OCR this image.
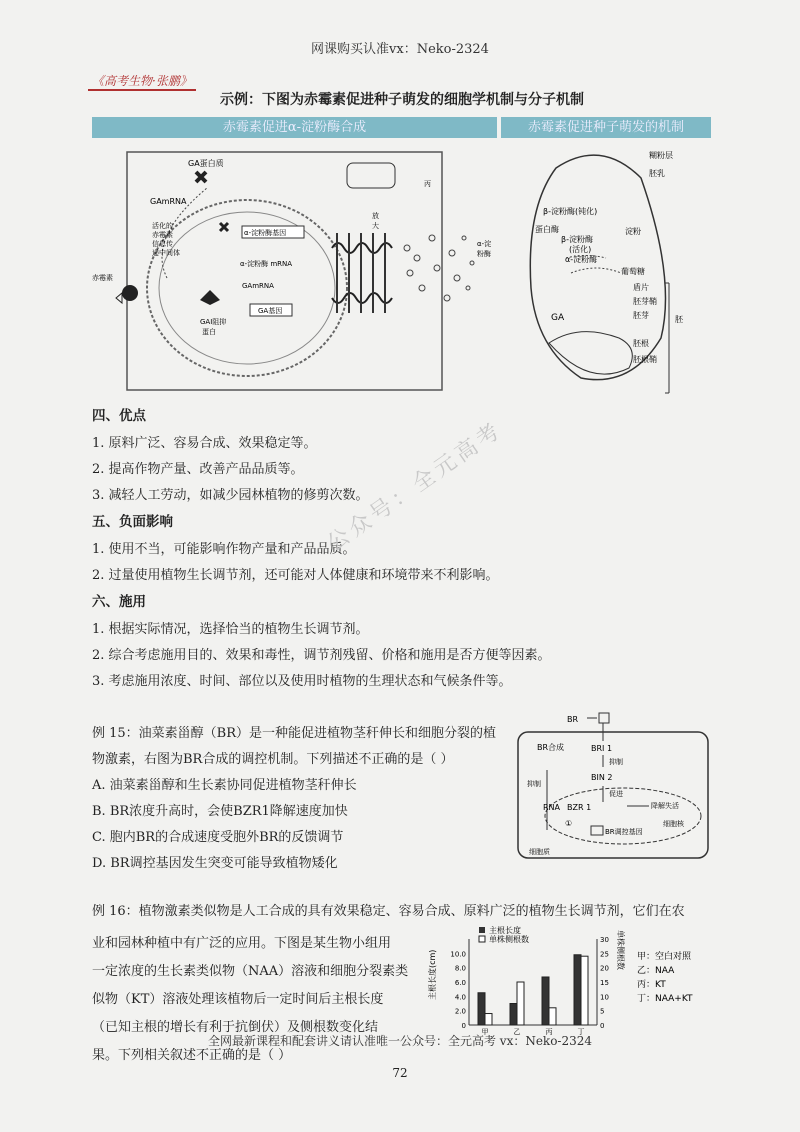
网课购买认准vx：Neko-2324
《高考生物·张鹏》
示例：下图为赤霉素促进种子萌发的细胞学机制与分子机制
赤霉素促进α-淀粉酶合成	赤霉素促进种子萌发的机制
GA蛋白质
GAmRNA
活化的
赤霉素
信息传
递中间体
赤霉素
α-淀粉酶基因
α-淀粉酶 mRNA
GAmRNA
GAI阻抑
蛋白
GA基因
丙
放
大
α-淀
粉酶
糊粉层
胚乳
β-淀粉酶(钝化)
蛋白酶
β-淀粉酶
(活化)
淀粉
α-淀粉酶
葡萄糖
盾片
胚芽鞘
胚芽
GA
胚根
胚根鞘
胚
四、优点
1. 原料广泛、容易合成、效果稳定等。
2. 提高作物产量、改善产品品质等。
3. 减轻人工劳动，如减少园林植物的修剪次数。
五、负面影响
1. 使用不当，可能影响作物产量和产品品质。
2. 过量使用植物生长调节剂，还可能对人体健康和环境带来不利影响。
六、施用
1. 根据实际情况，选择恰当的植物生长调节剂。
2. 综合考虑施用目的、效果和毒性，调节剂残留、价格和施用是否方便等因素。
3. 考虑施用浓度、时间、部位以及使用时植物的生理状态和气候条件等。
公众号：全元高考
例 15：油菜素甾醇（BR）是一种能促进植物茎秆伸长和细胞分裂的植
物激素，右图为BR合成的调控机制。下列描述不正确的是（ ）
A. 油菜素甾醇和生长素协同促进植物茎秆伸长
B. BR浓度升高时，会使BZR1降解速度加快
C. 胞内BR的合成速度受胞外BR的反馈调节
D. BR调控基因发生突变可能导致植物矮化
BR
BR合成	BRI 1
抑制
BIN 2
抑制
促进
RNA BZR 1	降解失活
细胞核
①
BR调控基因
细胞质
例 16：植物激素类似物是人工合成的具有效果稳定、容易合成、原料广泛的植物生长调节剂，它们在农
业和园林种植中有广泛的应用。下图是某生物小组用
一定浓度的生长素类似物（NAA）溶液和细胞分裂素类
似物（KT）溶液处理该植物后一定时间后主根长度
（已知主根的增长有利于抗倒伏）及侧根数变化结
果。下列相关叙述不正确的是（ ）
主根长度(cm)	单株侧根数
0
2.0
4.0
6.0
8.0
10.0
0
5
10
15
20
25
30
甲	乙	丙	丁
主根长度
单株侧根数
甲：空白对照
乙：NAA
丙：KT
丁：NAA+KT
全网最新课程和配套讲义请认准唯一公众号：全元高考 vx：Neko-2324
72
